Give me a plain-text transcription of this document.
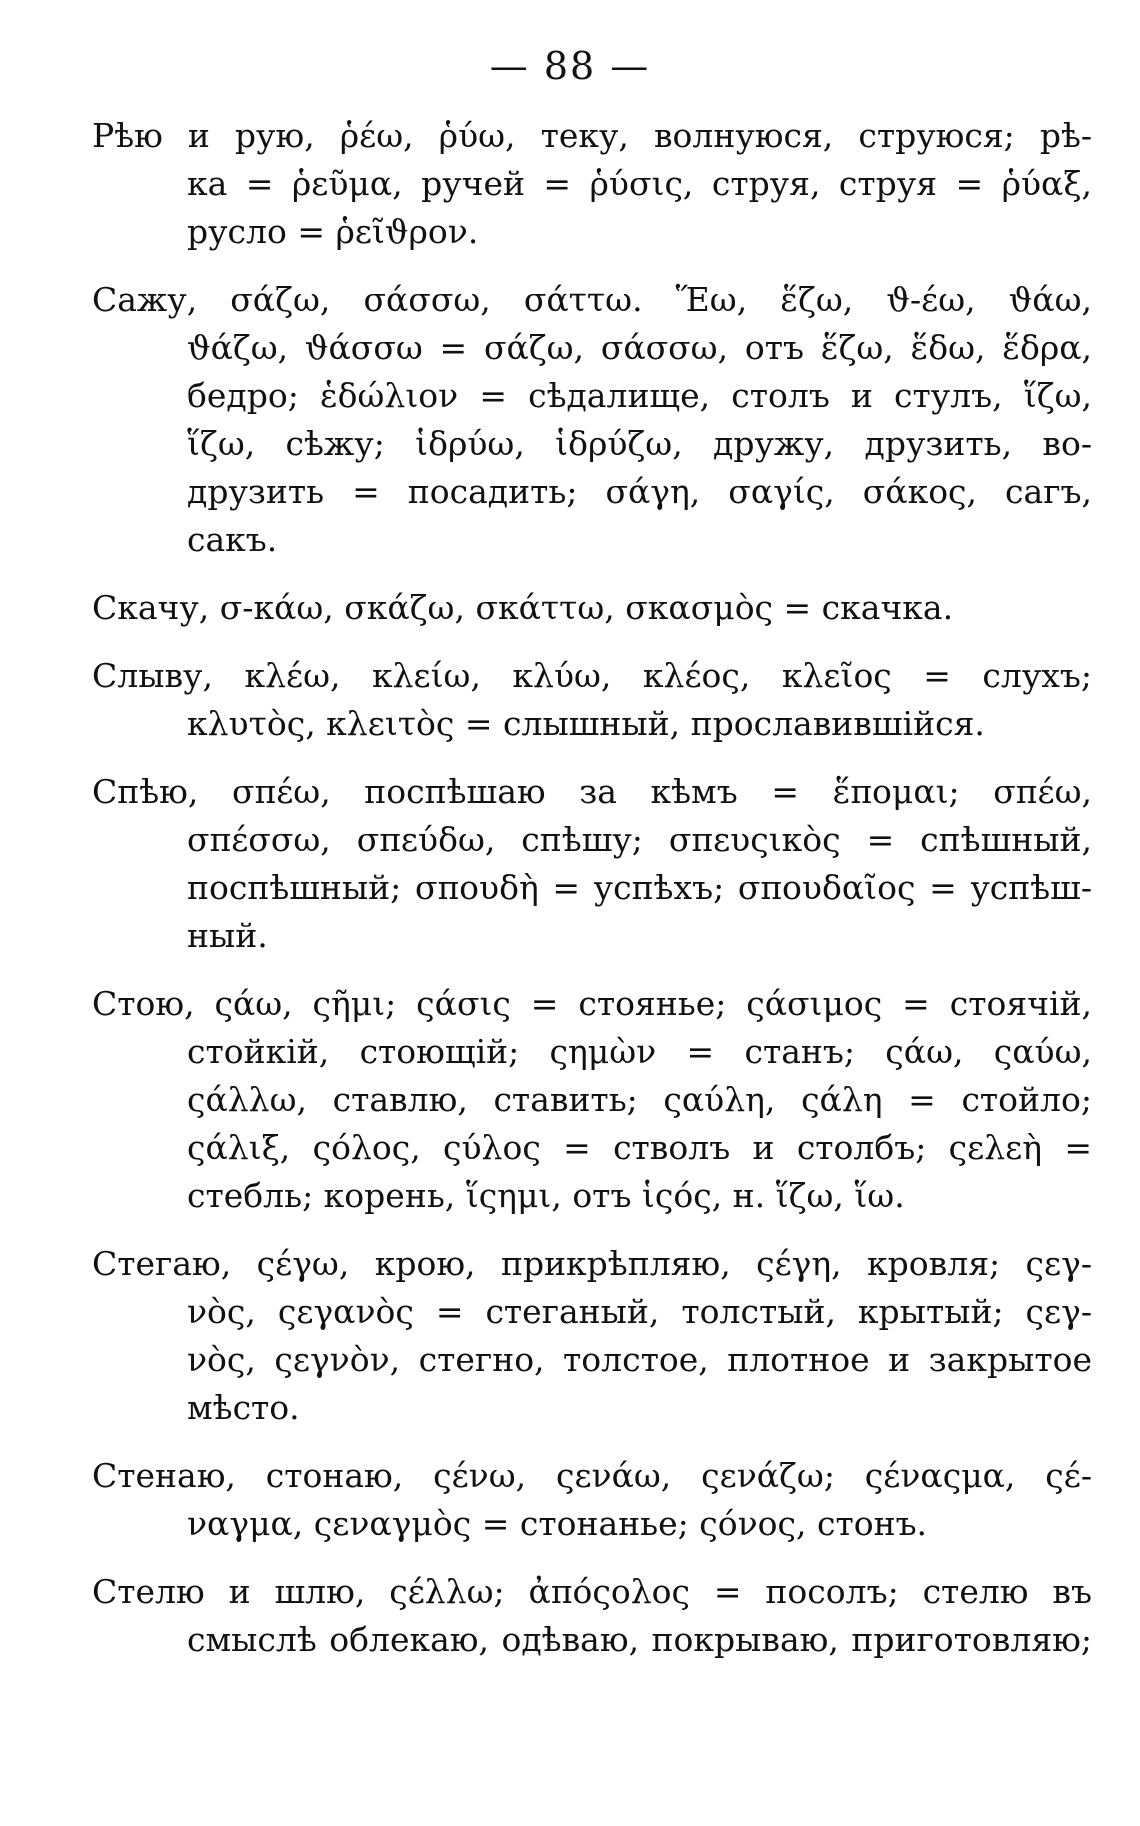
— 88 —
Рѣю и рую, ῥέω, ῥύω, теку, волнуюся, струюся; рѣ-
ка = ῥεῦμα, ручей = ῥύσις, струя, струя = ῥύαξ,
русло = ῥεῖϑρον.
Сажу, σάζω, σάσσω, σάττω. Ἕω, ἕζω, ϑ-έω, ϑάω,
ϑάζω, ϑάσσω = σάζω, σάσσω, отъ ἕζω, ἕδω, ἕδρα,
бедро; ἑδώλιον = сѣдалище, столъ и стулъ, ἵζω,
ἵζω, сѣжу; ἱδρύω, ἱδρύζω, дружу, друзить, во-
друзить = посадить; σάγη, σαγίς, σάκος, сагъ,
сакъ.
Скачу, σ-κάω, σκάζω, σκάττω, σκασμὸς = скачка.
Слыву, κλέω, κλείω, κλύω, κλέος, κλεῖος = слухъ;
κλυτὸς, κλειτὸς = слышный, прославившійся.
Спѣю, σπέω, поспѣшаю за кѣмъ = ἕπομαι; σπέω,
σπέσσω, σπεύδω, спѣшу; σπευςικὸς = спѣшный,
поспѣшный; σπουδὴ = успѣхъ; σπουδαῖος = успѣш-
ный.
Стою, ςάω, ςῆμι; ςάσις = стоянье; ςάσιμος = стоячій,
стойкій, стоющій; ςημὼν = станъ; ςάω, ςαύω,
ςάλλω, ставлю, ставить; ςαύλη, ςάλη = стойло;
ςάλιξ, ςόλος, ςύλος = стволъ и столбъ; ςελεὴ =
стебль; корень, ἵςημι, отъ ἱςός, н. ἵζω, ἵω.
Стегаю, ςέγω, крою, прикрѣпляю, ςέγη, кровля; ςεγ-
νὸς, ςεγανὸς = стеганый, толстый, крытый; ςεγ-
νὸς, ςεγνὸν, стегно, толстое, плотное и закрытое
мѣсто.
Стенаю, стонаю, ςένω, ςενάω, ςενάζω; ςέναςμα, ςέ-
ναγμα, ςεναγμὸς = стонанье; ςόνος, стонъ.
Стелю и шлю, ςέλλω; ἀπόςολος = посолъ; стелю въ
смыслѣ облекаю, одѣваю, покрываю, приготовляю;
